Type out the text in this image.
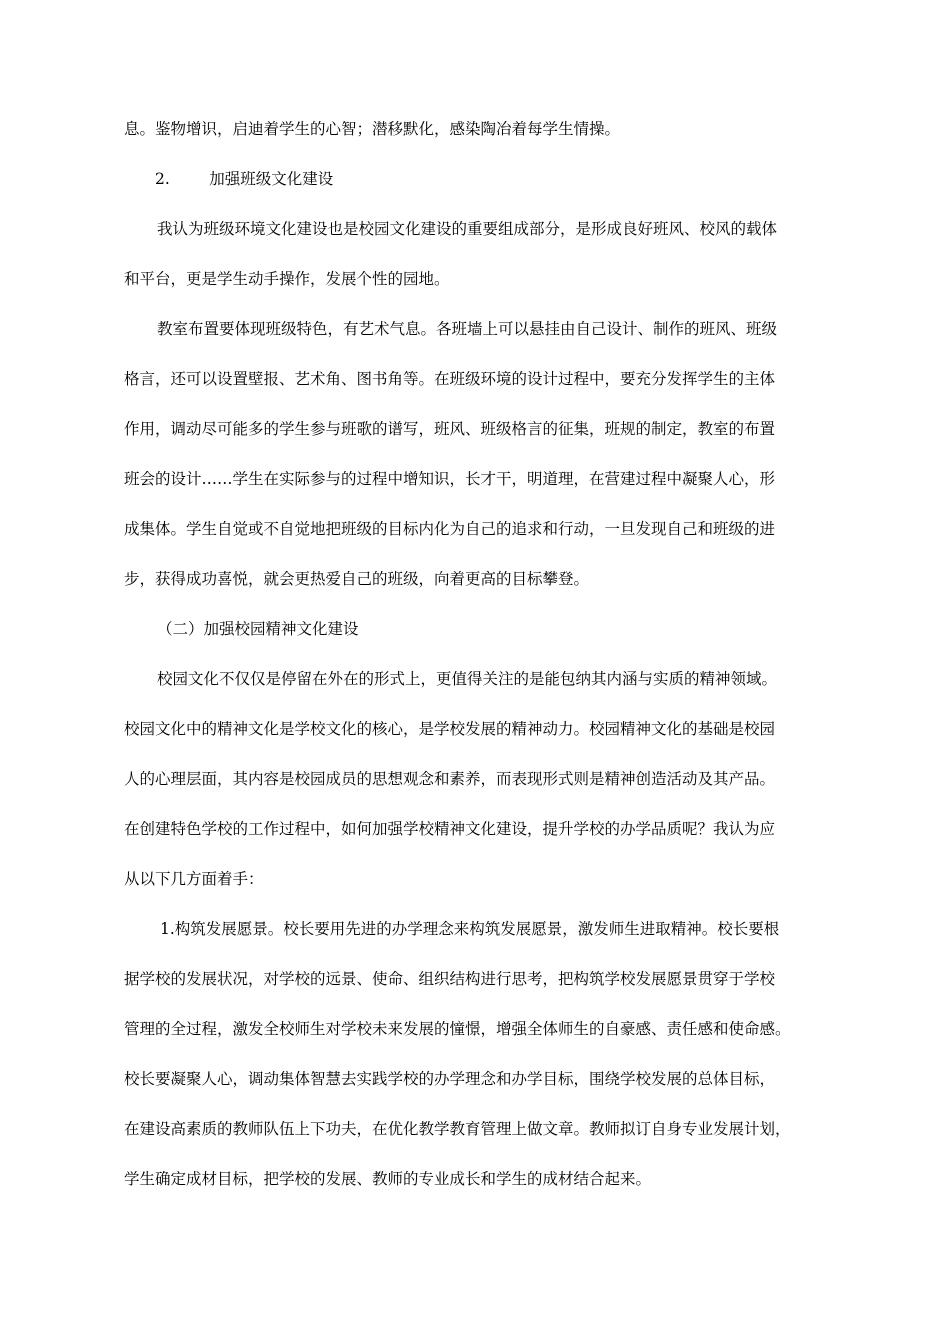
息。鉴物增识，启迪着学生的心智；潜移默化，感染陶冶着每学生情操。
2.        加强班级文化建设
我认为班级环境文化建设也是校园文化建设的重要组成部分，是形成良好班风、校风的载体
和平台，更是学生动手操作，发展个性的园地。
教室布置要体现班级特色，有艺术气息。各班墙上可以悬挂由自己设计、制作的班风、班级
格言，还可以设置壁报、艺术角、图书角等。在班级环境的设计过程中，要充分发挥学生的主体
作用，调动尽可能多的学生参与班歌的谱写，班风、班级格言的征集，班规的制定，教室的布置
班会的设计……学生在实际参与的过程中增知识，长才干，明道理，在营建过程中凝聚人心，形
成集体。学生自觉或不自觉地把班级的目标内化为自己的追求和行动，一旦发现自己和班级的进
步，获得成功喜悦，就会更热爱自己的班级，向着更高的目标攀登。
（二）加强校园精神文化建设
校园文化不仅仅是停留在外在的形式上，更值得关注的是能包纳其内涵与实质的精神领域。
校园文化中的精神文化是学校文化的核心，是学校发展的精神动力。校园精神文化的基础是校园
人的心理层面，其内容是校园成员的思想观念和素养，而表现形式则是精神创造活动及其产品。
在创建特色学校的工作过程中，如何加强学校精神文化建设，提升学校的办学品质呢？我认为应
从以下几方面着手：
1.构筑发展愿景。校长要用先进的办学理念来构筑发展愿景，激发师生进取精神。校长要根
据学校的发展状况，对学校的远景、使命、组织结构进行思考，把构筑学校发展愿景贯穿于学校
管理的全过程，激发全校师生对学校未来发展的憧憬，增强全体师生的自豪感、责任感和使命感。
校长要凝聚人心，调动集体智慧去实践学校的办学理念和办学目标，围绕学校发展的总体目标，
在建设高素质的教师队伍上下功夫，在优化教学教育管理上做文章。教师拟订自身专业发展计划，
学生确定成材目标，把学校的发展、教师的专业成长和学生的成材结合起来。
